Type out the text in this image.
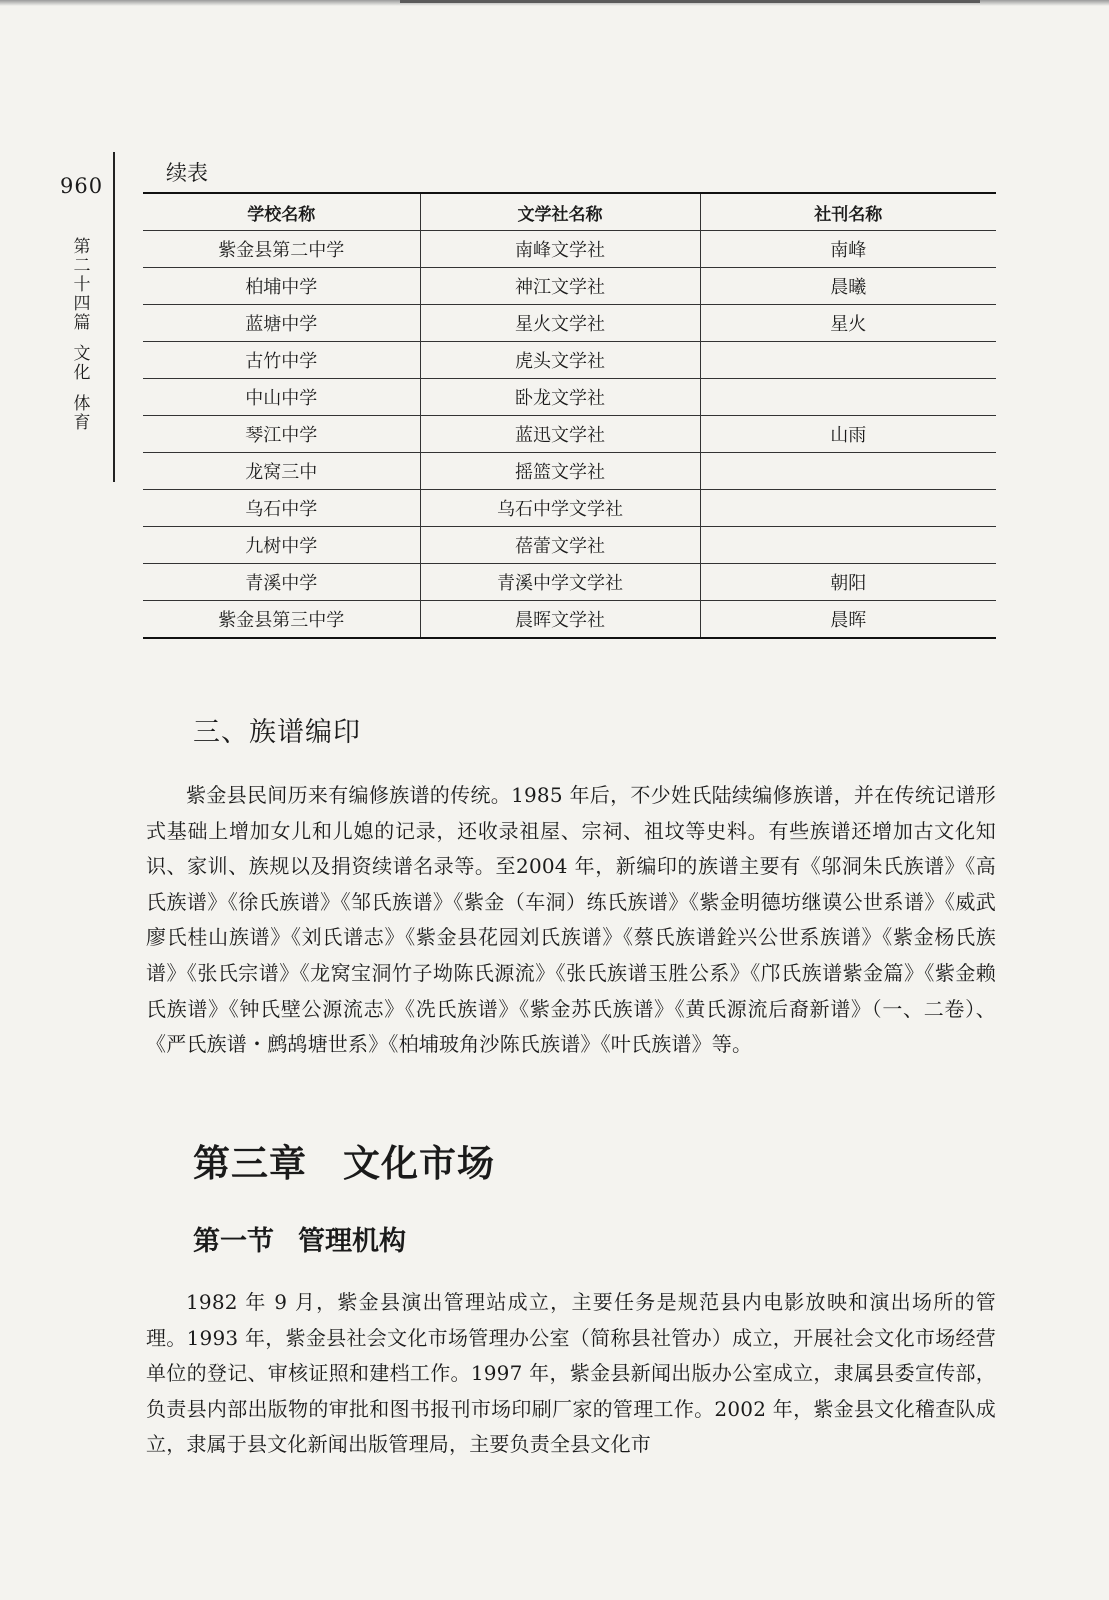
960
第
二
十
四
篇
文
化
体
育
续表
学校名称	文学社名称	社刊名称
紫金县第二中学	南峰文学社	南峰
柏埔中学	神江文学社	晨曦
蓝塘中学	星火文学社	星火
古竹中学	虎头文学社	
中山中学	卧龙文学社	
琴江中学	蓝迅文学社	山雨
龙窝三中	摇篮文学社	
乌石中学	乌石中学文学社	
九树中学	蓓蕾文学社	
青溪中学	青溪中学文学社	朝阳
紫金县第三中学	晨晖文学社	晨晖
三、族谱编印
紫金县民间历来有编修族谱的传统。1985 年后，不少姓氏陆续编修族谱，并在传统记谱形式基础上增加女儿和儿媳的记录，还收录祖屋、宗祠、祖坟等史料。有些族谱还增加古文化知识、家训、族规以及捐资续谱名录等。至2004 年，新编印的族谱主要有《邬洞朱氏族谱》《高氏族谱》《徐氏族谱》《邹氏族谱》《紫金（车洞）练氏族谱》《紫金明德坊继谟公世系谱》《威武廖氏桂山族谱》《刘氏谱志》《紫金县花园刘氏族谱》《蔡氏族谱銓兴公世系族谱》《紫金杨氏族谱》《张氏宗谱》《龙窝宝洞竹子坳陈氏源流》《张氏族谱玉胜公系》《邝氏族谱紫金篇》《紫金赖氏族谱》《钟氏壁公源流志》《冼氏族谱》《紫金苏氏族谱》《黄氏源流后裔新谱》（一、二卷）、《严氏族谱・鹧鸪塘世系》《柏埔玻角沙陈氏族谱》《叶氏族谱》等。
第三章 文化市场
第一节 管理机构
1982 年 9 月，紫金县演出管理站成立，主要任务是规范县内电影放映和演出场所的管理。1993 年，紫金县社会文化市场管理办公室（简称县社管办）成立，开展社会文化市场经营单位的登记、审核证照和建档工作。1997 年，紫金县新闻出版办公室成立，隶属县委宣传部，负责县内部出版物的审批和图书报刊市场印刷厂家的管理工作。2002 年，紫金县文化稽查队成立，隶属于县文化新闻出版管理局，主要负责全县文化市
